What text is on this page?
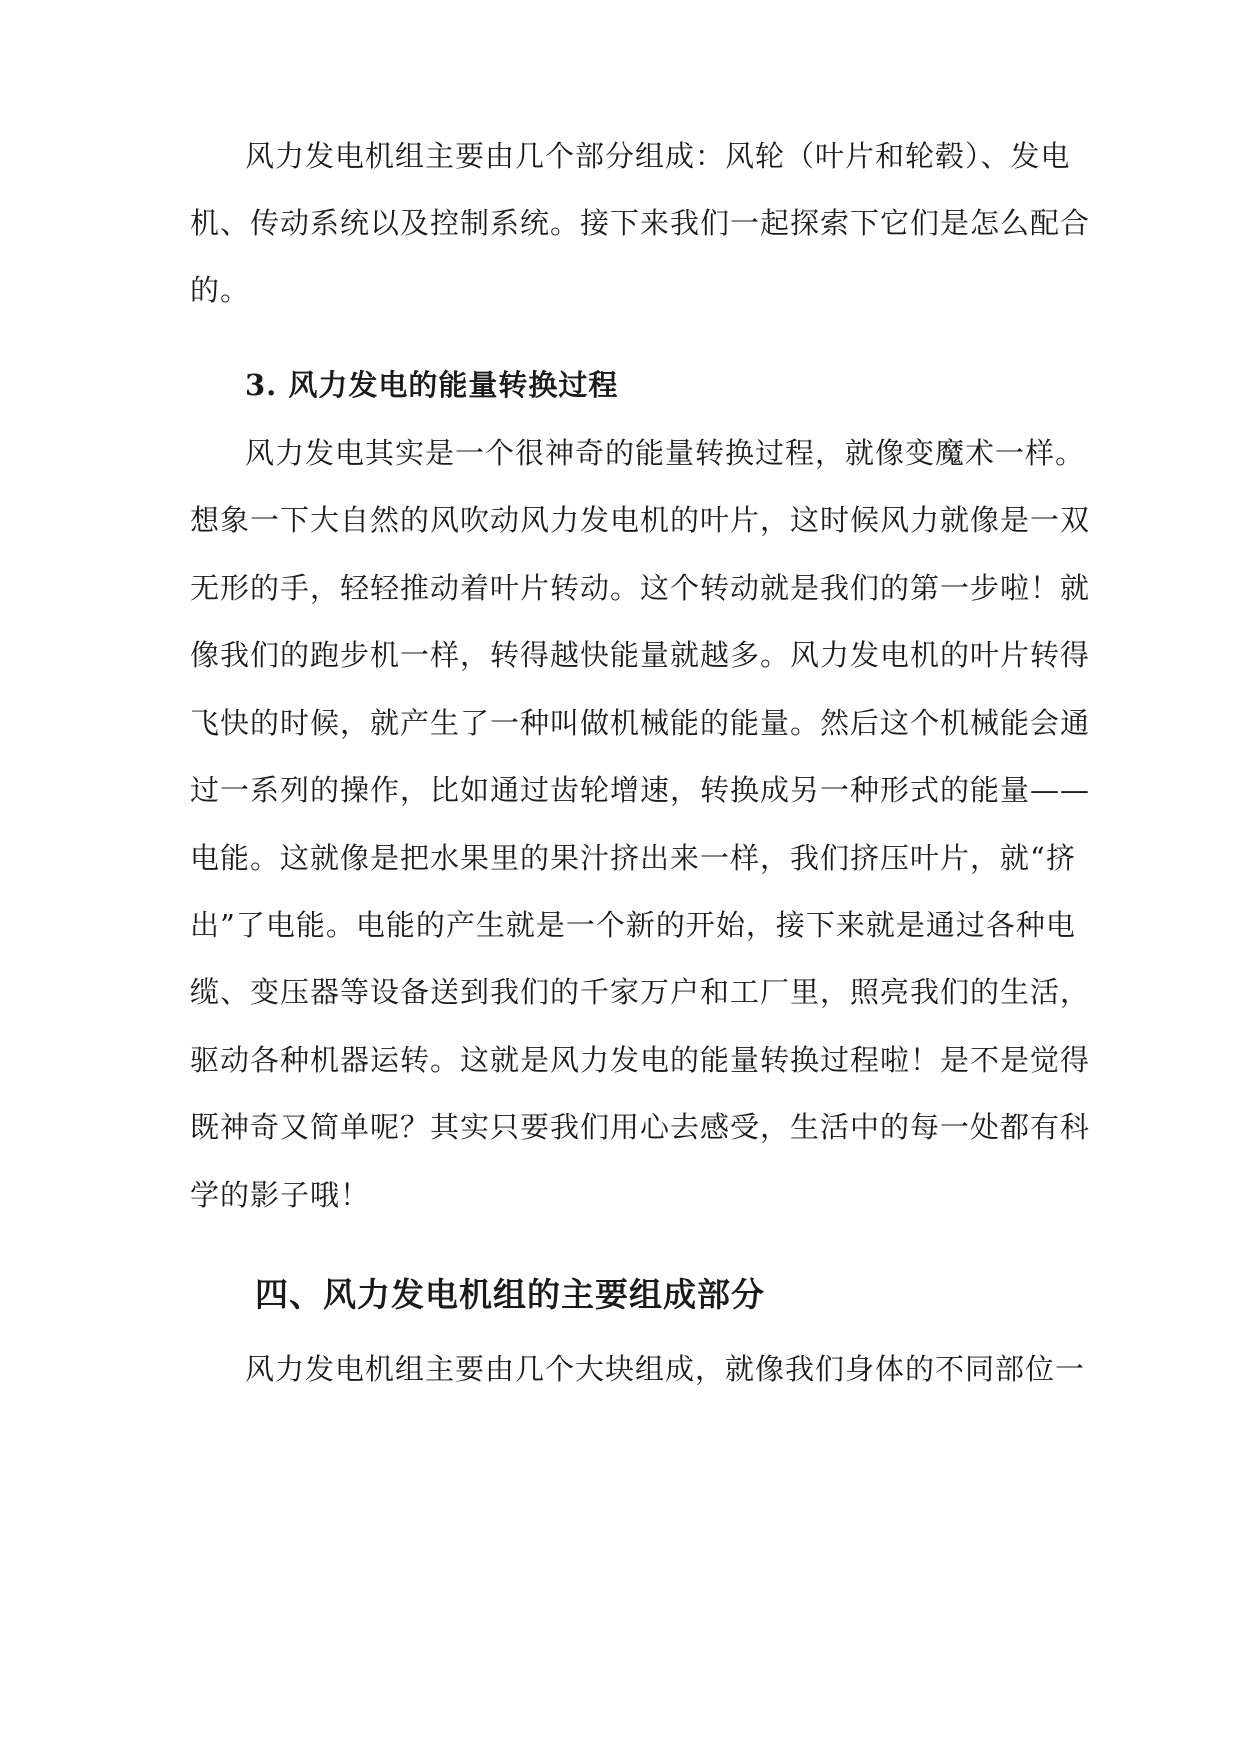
风力发电机组主要由几个部分组成：风轮（叶片和轮毂）、发电
机、传动系统以及控制系统。接下来我们一起探索下它们是怎么配合
的。
3. 风力发电的能量转换过程
风力发电其实是一个很神奇的能量转换过程，就像变魔术一样。
想象一下大自然的风吹动风力发电机的叶片，这时候风力就像是一双
无形的手，轻轻推动着叶片转动。这个转动就是我们的第一步啦！就
像我们的跑步机一样，转得越快能量就越多。风力发电机的叶片转得
飞快的时候，就产生了一种叫做机械能的能量。然后这个机械能会通
过一系列的操作，比如通过齿轮增速，转换成另一种形式的能量——
电能。这就像是把水果里的果汁挤出来一样，我们挤压叶片，就“挤
出”了电能。电能的产生就是一个新的开始，接下来就是通过各种电
缆、变压器等设备送到我们的千家万户和工厂里，照亮我们的生活，
驱动各种机器运转。这就是风力发电的能量转换过程啦！是不是觉得
既神奇又简单呢？其实只要我们用心去感受，生活中的每一处都有科
学的影子哦！
四、风力发电机组的主要组成部分
风力发电机组主要由几个大块组成，就像我们身体的不同部位一
